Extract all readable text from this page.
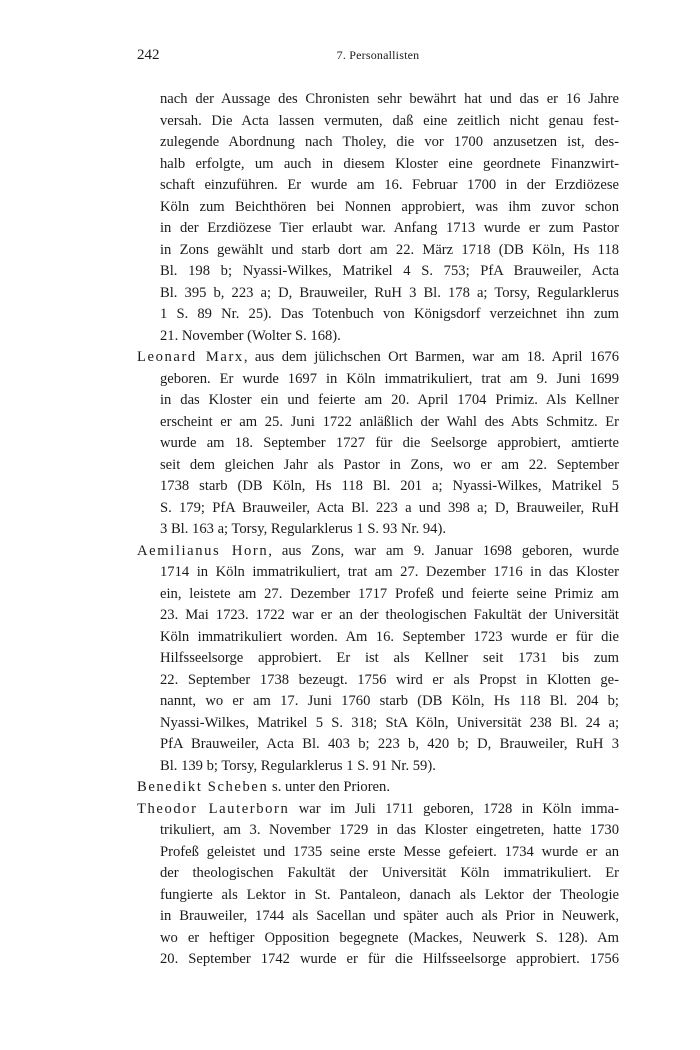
242	7. Personallisten
nach der Aussage des Chronisten sehr bewährt hat und das er 16 Jahre
versah. Die Acta lassen vermuten, daß eine zeitlich nicht genau fest-
zulegende Abordnung nach Tholey, die vor 1700 anzusetzen ist, des-
halb erfolgte, um auch in diesem Kloster eine geordnete Finanzwirt-
schaft einzuführen. Er wurde am 16. Februar 1700 in der Erzdiözese
Köln zum Beichthören bei Nonnen approbiert, was ihm zuvor schon
in der Erzdiözese Tier erlaubt war. Anfang 1713 wurde er zum Pastor
in Zons gewählt und starb dort am 22. März 1718 (DB Köln, Hs 118
Bl. 198 b; Nyassi-Wilkes, Matrikel 4 S. 753; PfA Brauweiler, Acta
Bl. 395 b, 223 a; D, Brauweiler, RuH 3 Bl. 178 a; Torsy, Regularklerus
1 S. 89 Nr. 25). Das Totenbuch von Königsdorf verzeichnet ihn zum
21. November (Wolter S. 168).
Leonard Marx, aus dem jülichschen Ort Barmen, war am 18. April 1676
geboren. Er wurde 1697 in Köln immatrikuliert, trat am 9. Juni 1699
in das Kloster ein und feierte am 20. April 1704 Primiz. Als Kellner
erscheint er am 25. Juni 1722 anläßlich der Wahl des Abts Schmitz. Er
wurde am 18. September 1727 für die Seelsorge approbiert, amtierte
seit dem gleichen Jahr als Pastor in Zons, wo er am 22. September
1738 starb (DB Köln, Hs 118 Bl. 201 a; Nyassi-Wilkes, Matrikel 5
S. 179; PfA Brauweiler, Acta Bl. 223 a und 398 a; D, Brauweiler, RuH
3 Bl. 163 a; Torsy, Regularklerus 1 S. 93 Nr. 94).
Aemilianus Horn, aus Zons, war am 9. Januar 1698 geboren, wurde
1714 in Köln immatrikuliert, trat am 27. Dezember 1716 in das Kloster
ein, leistete am 27. Dezember 1717 Profeß und feierte seine Primiz am
23. Mai 1723. 1722 war er an der theologischen Fakultät der Universität
Köln immatrikuliert worden. Am 16. September 1723 wurde er für die
Hilfsseelsorge approbiert. Er ist als Kellner seit 1731 bis zum
22. September 1738 bezeugt. 1756 wird er als Propst in Klotten ge-
nannt, wo er am 17. Juni 1760 starb (DB Köln, Hs 118 Bl. 204 b;
Nyassi-Wilkes, Matrikel 5 S. 318; StA Köln, Universität 238 Bl. 24 a;
PfA Brauweiler, Acta Bl. 403 b; 223 b, 420 b; D, Brauweiler, RuH 3
Bl. 139 b; Torsy, Regularklerus 1 S. 91 Nr. 59).
Benedikt Scheben s. unter den Prioren.
Theodor Lauterborn war im Juli 1711 geboren, 1728 in Köln imma-
trikuliert, am 3. November 1729 in das Kloster eingetreten, hatte 1730
Profeß geleistet und 1735 seine erste Messe gefeiert. 1734 wurde er an
der theologischen Fakultät der Universität Köln immatrikuliert. Er
fungierte als Lektor in St. Pantaleon, danach als Lektor der Theologie
in Brauweiler, 1744 als Sacellan und später auch als Prior in Neuwerk,
wo er heftiger Opposition begegnete (Mackes, Neuwerk S. 128). Am
20. September 1742 wurde er für die Hilfsseelsorge approbiert. 1756
